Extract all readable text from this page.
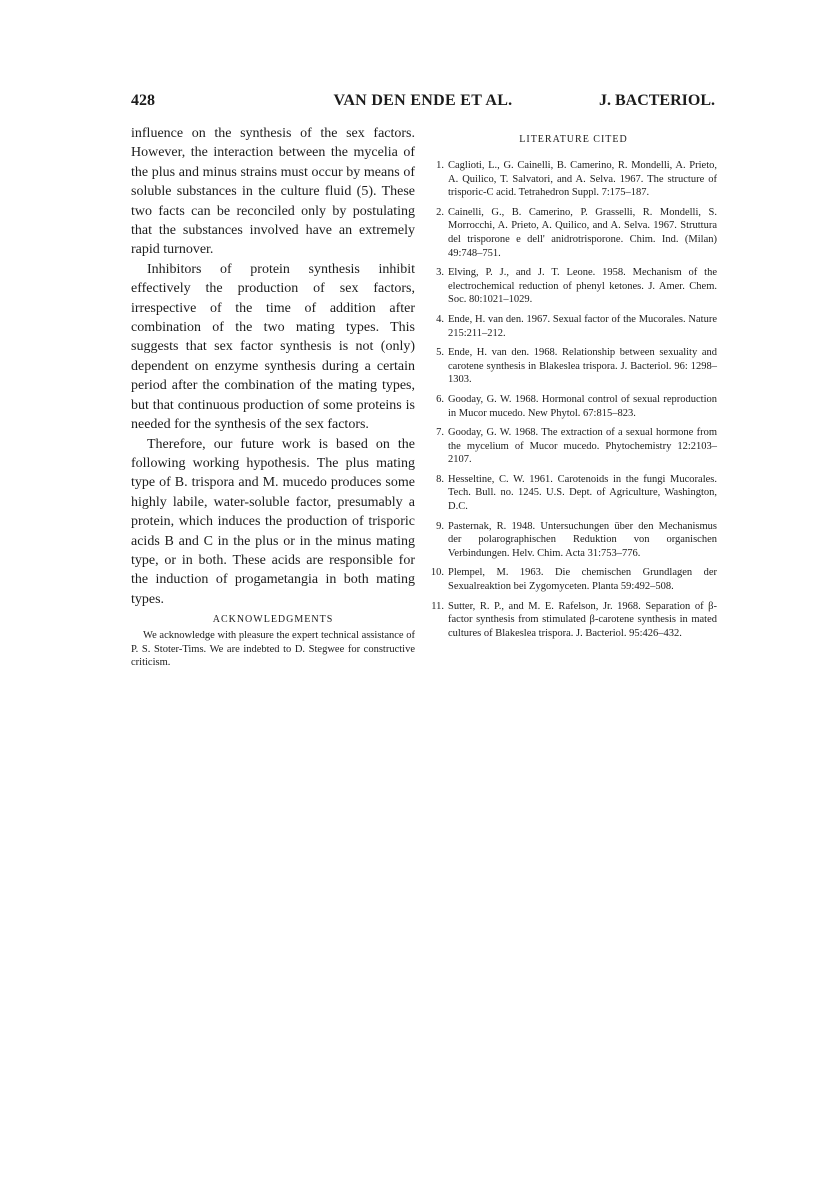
428	VAN DEN ENDE ET AL.	J. BACTERIOL.

influence on the synthesis of the sex factors. However, the interaction between the mycelia of the plus and minus strains must occur by means of soluble substances in the culture fluid (5). These two facts can be reconciled only by postulating that the substances involved have an extremely rapid turnover.

Inhibitors of protein synthesis inhibit effectively the production of sex factors, irrespective of the time of addition after combination of the two mating types. This suggests that sex factor synthesis is not (only) dependent on enzyme synthesis during a certain period after the combination of the mating types, but that continuous production of some proteins is needed for the synthesis of the sex factors.

Therefore, our future work is based on the following working hypothesis. The plus mating type of B. trispora and M. mucedo produces some highly labile, water-soluble factor, presumably a protein, which induces the production of trisporic acids B and C in the plus or in the minus mating type, or in both. These acids are responsible for the induction of progametangia in both mating types.

ACKNOWLEDGMENTS

We acknowledge with pleasure the expert technical assistance of P. S. Stoter-Tims. We are indebted to D. Stegwee for constructive criticism.

LITERATURE CITED
1. Caglioti, L., G. Cainelli, B. Camerino, R. Mondelli, A. Prieto, A. Quilico, T. Salvatori, and A. Selva. 1967. The structure of trisporic-C acid. Tetrahedron Suppl. 7:175–187.
2. Cainelli, G., B. Camerino, P. Grasselli, R. Mondelli, S. Morrocchi, A. Prieto, A. Quilico, and A. Selva. 1967. Struttura del trisporone e dell' anidrotrisporone. Chim. Ind. (Milan) 49:748–751.
3. Elving, P. J., and J. T. Leone. 1958. Mechanism of the electrochemical reduction of phenyl ketones. J. Amer. Chem. Soc. 80:1021–1029.
4. Ende, H. van den. 1967. Sexual factor of the Mucorales. Nature 215:211–212.
5. Ende, H. van den. 1968. Relationship between sexuality and carotene synthesis in Blakeslea trispora. J. Bacteriol. 96: 1298–1303.
6. Gooday, G. W. 1968. Hormonal control of sexual reproduction in Mucor mucedo. New Phytol. 67:815–823.
7. Gooday, G. W. 1968. The extraction of a sexual hormone from the mycelium of Mucor mucedo. Phytochemistry 12:2103–2107.
8. Hesseltine, C. W. 1961. Carotenoids in the fungi Mucorales. Tech. Bull. no. 1245. U.S. Dept. of Agriculture, Washington, D.C.
9. Pasternak, R. 1948. Untersuchungen über den Mechanismus der polarographischen Reduktion von organischen Verbindungen. Helv. Chim. Acta 31:753–776.
10. Plempel, M. 1963. Die chemischen Grundlagen der Sexualreaktion bei Zygomyceten. Planta 59:492–508.
11. Sutter, R. P., and M. E. Rafelson, Jr. 1968. Separation of β-factor synthesis from stimulated β-carotene synthesis in mated cultures of Blakeslea trispora. J. Bacteriol. 95:426–432.
